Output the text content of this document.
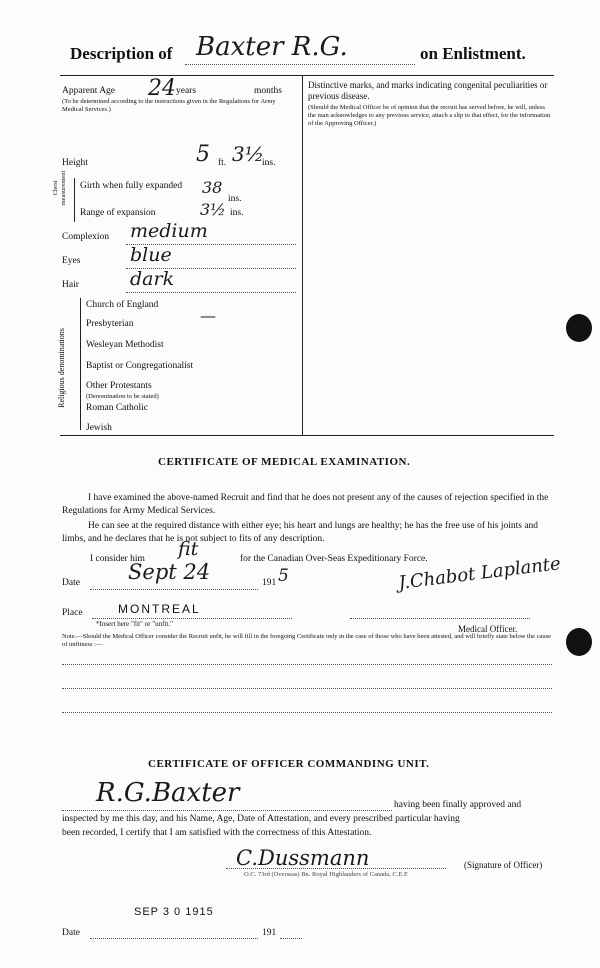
Description of Baxter R.G.	on Enlistment.
Apparent Age 24 years	months
(To be determined according to the instructions given in the Regulations for Army Medical Services.)
Distinctive marks, and marks indicating congenital peculiarities or previous disease.
(Should the Medical Officer be of opinion that the recruit has served before, he will, unless the man acknowledges to any previous service, attach a slip to that effect, for the information of the Approving Officer.)
Height	5 ft. 3½
ins.
Chest measurement Girth when fully expanded	38
ins.
Range of expansion	3½ ins.
Complexion medium
Eyes	blue
Hair	dark
Religious denominations
Church of England
Presbyterian	—
Wesleyan Methodist
Baptist or Congregationalist
Other Protestants
(Denomination to be stated)
Roman Catholic
Jewish
CERTIFICATE OF MEDICAL EXAMINATION.
I have examined the above-named Recruit and find that he does not present any of the causes of rejection specified in the Regulations for Army Medical Services.
He can see at the required distance with either eye; his heart and lungs are healthy; he has the free use of his joints and limbs, and he declares that he is not subject to fits of any description.
I consider him fit	for the Canadian Over-Seas Expeditionary Force.
Date Sept 24	191 5	J.Chabot Laplante
Place	MONTREAL
*Insert here "fit" or "unfit."	Medical Officer.
Note.—Should the Medical Officer consider the Recruit unfit, he will fill in the foregoing Certificate only in the case of those who have been attested, and will briefly state below the cause of unfitness :—
CERTIFICATE OF OFFICER COMMANDING UNIT.
R.G.Baxter	having been finally approved and
inspected by me this day, and his Name, Age, Date of Attestation, and every prescribed particular having
been recorded, I certify that I am satisfied with the correctness of this Attestation.
C.Dussmann	(Signature of Officer)
O.C. 73rd (Overseas) Bn. Royal Highlanders of Canada, C.E.F.
SEP 3 0 1915
Date	191
